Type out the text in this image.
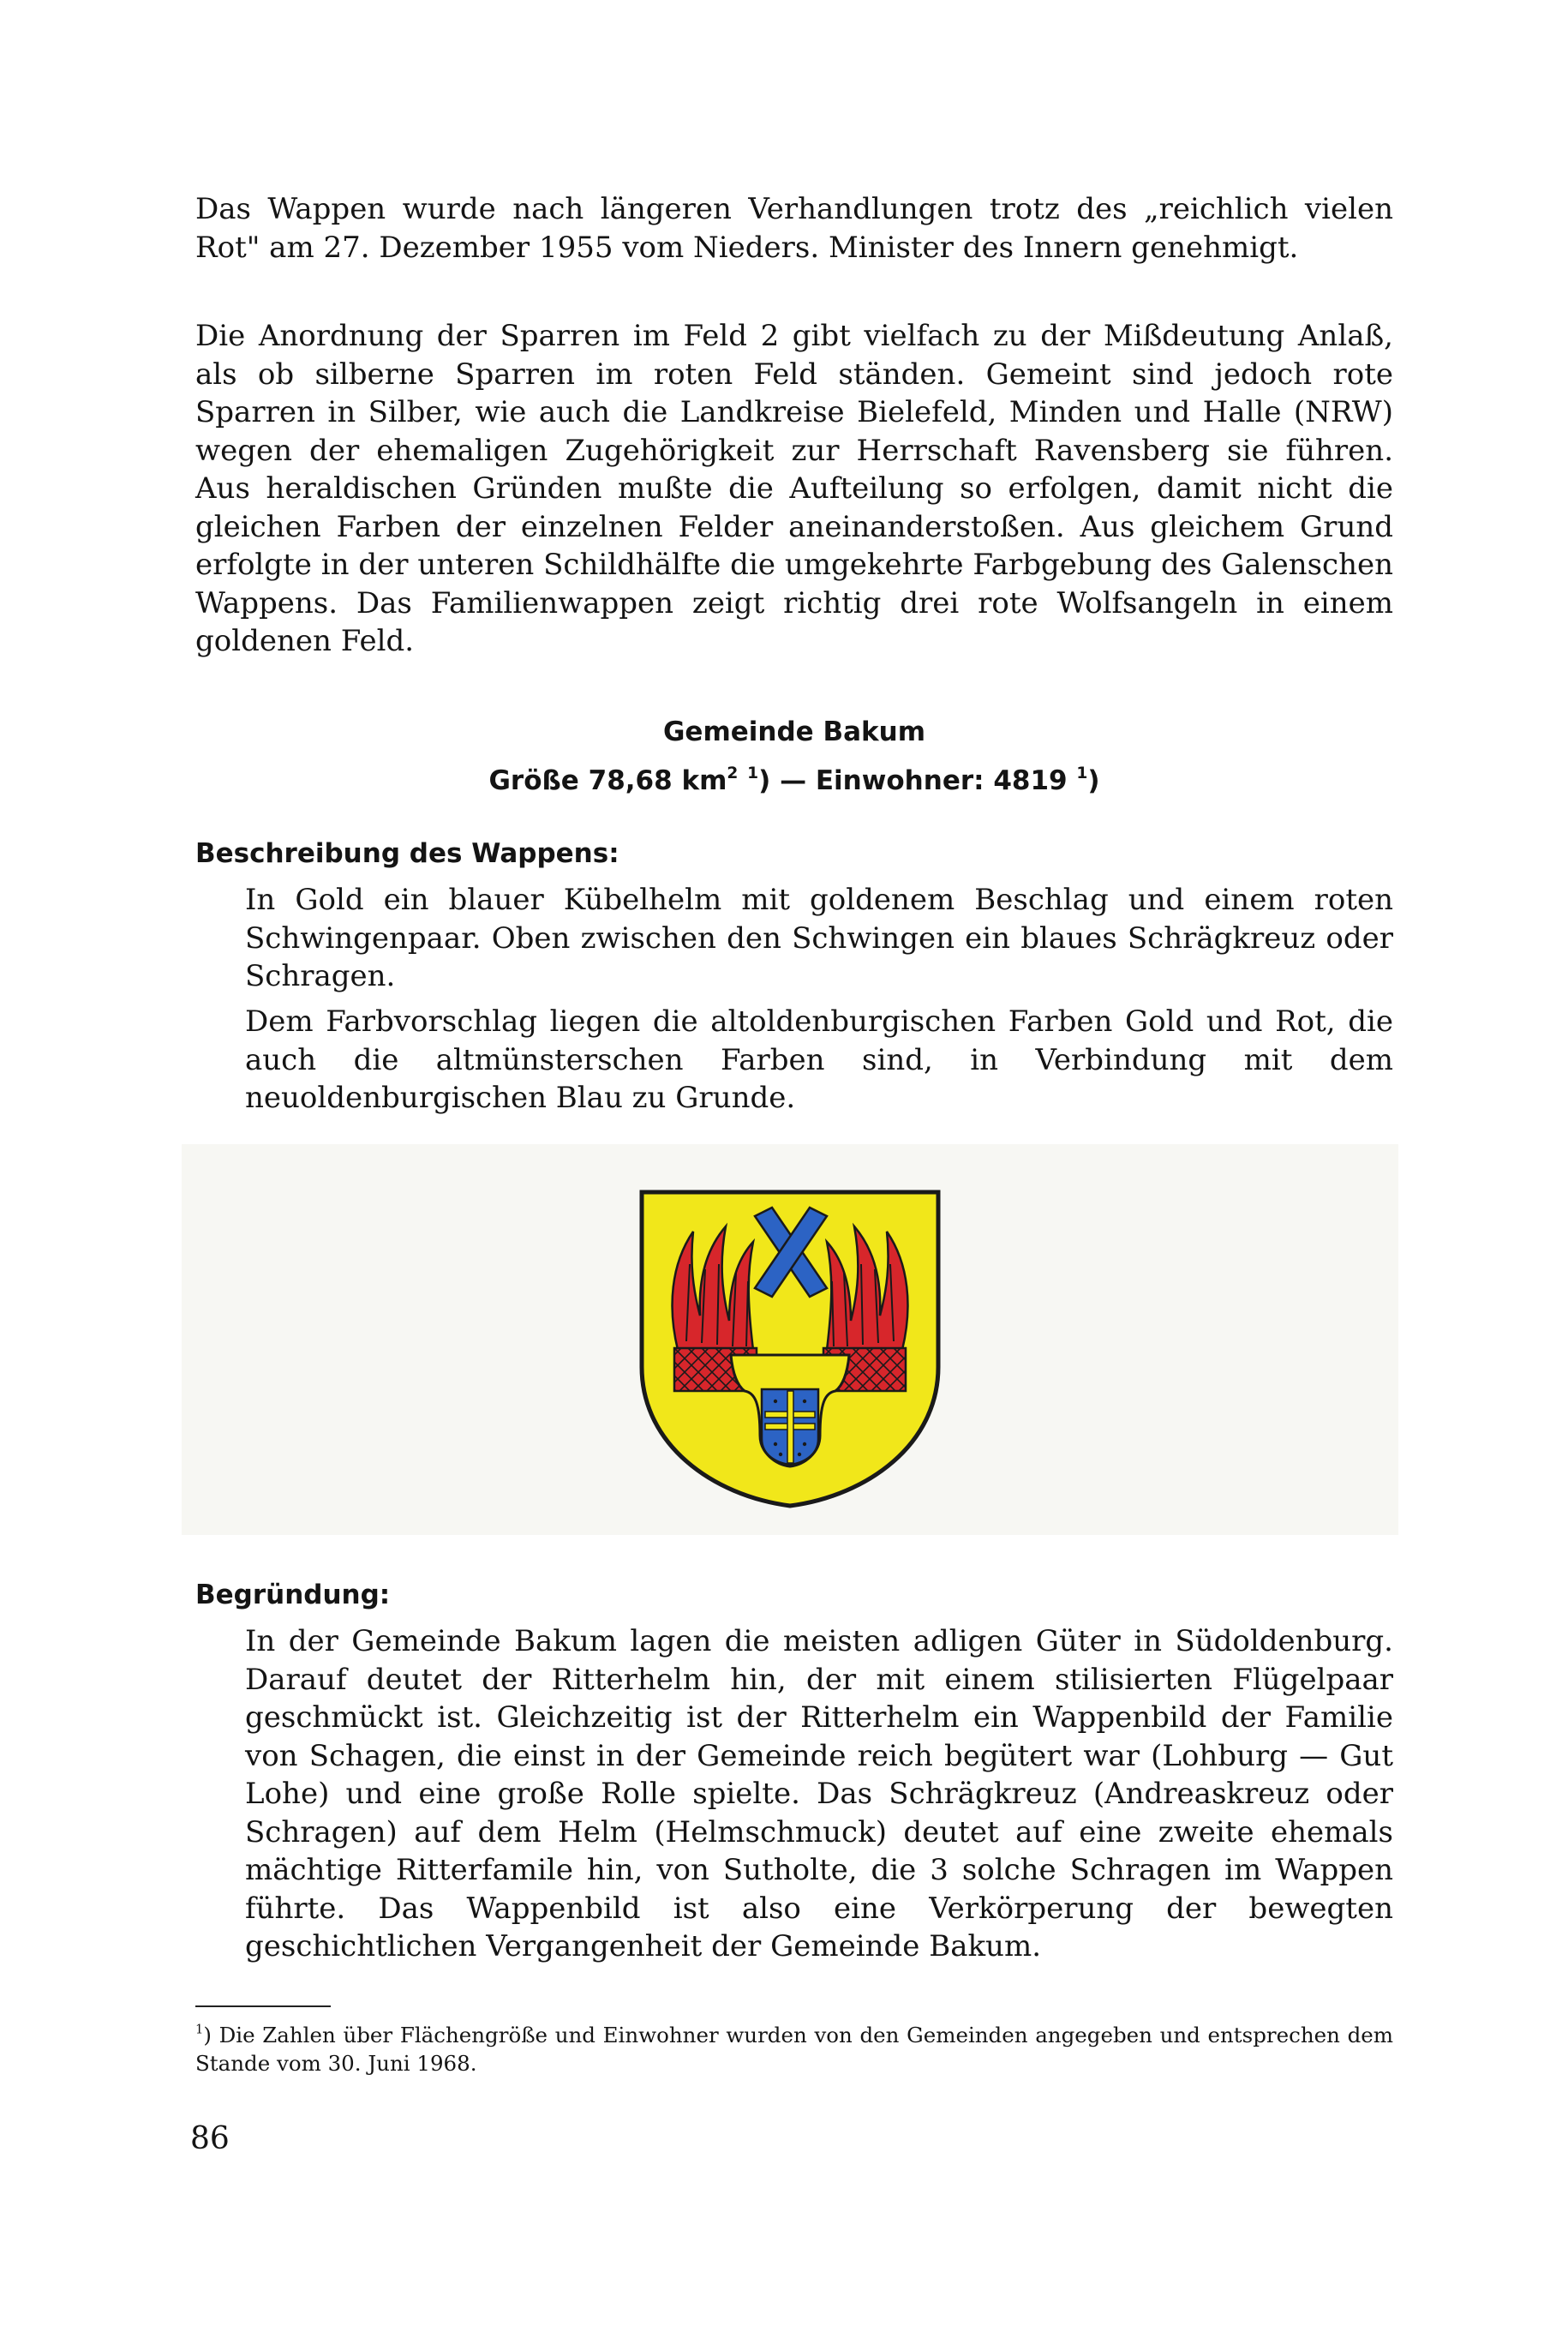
Das Wappen wurde nach längeren Verhandlungen trotz des „reichlich vielen Rot" am 27. Dezember 1955 vom Nieders. Minister des Innern genehmigt.

Die Anordnung der Sparren im Feld 2 gibt vielfach zu der Mißdeutung Anlaß, als ob silberne Sparren im roten Feld ständen. Gemeint sind jedoch rote Sparren in Silber, wie auch die Landkreise Bielefeld, Minden und Halle (NRW) wegen der ehemaligen Zugehörigkeit zur Herrschaft Ravensberg sie führen. Aus heraldischen Gründen mußte die Aufteilung so erfolgen, damit nicht die gleichen Farben der einzelnen Felder aneinanderstoßen. Aus gleichem Grund erfolgte in der unteren Schildhälfte die umgekehrte Farbgebung des Galenschen Wappens. Das Familienwappen zeigt richtig drei rote Wolfsangeln in einem goldenen Feld.

Gemeinde Bakum
Größe 78,68 $km^2$ $^1$) — Einwohner: 4819 $^1$)
Beschreibung des Wappens:

In Gold ein blauer Kübelhelm mit goldenem Beschlag und einem roten Schwingenpaar. Oben zwischen den Schwingen ein blaues Schrägkreuz oder Schragen.

Dem Farbvorschlag liegen die altoldenburgischen Farben Gold und Rot, die auch die altmünsterschen Farben sind, in Verbindung mit dem neuoldenburgischen Blau zu Grunde.

Begründung:

In der Gemeinde Bakum lagen die meisten adligen Güter in Südoldenburg. Darauf deutet der Ritterhelm hin, der mit einem stilisierten Flügelpaar geschmückt ist. Gleichzeitig ist der Ritterhelm ein Wappenbild der Familie von Schagen, die einst in der Gemeinde reich begütert war (Lohburg — Gut Lohe) und eine große Rolle spielte. Das Schrägkreuz (Andreaskreuz oder Schragen) auf dem Helm (Helmschmuck) deutet auf eine zweite ehemals mächtige Ritterfamile hin, von Sutholte, die 3 solche Schragen im Wappen führte. Das Wappenbild ist also eine Verkörperung der bewegten geschichtlichen Vergangenheit der Gemeinde Bakum.

$^1$) Die Zahlen über Flächengröße und Einwohner wurden von den Gemeinden angegeben und entsprechen dem Stande vom 30. Juni 1968.
86
